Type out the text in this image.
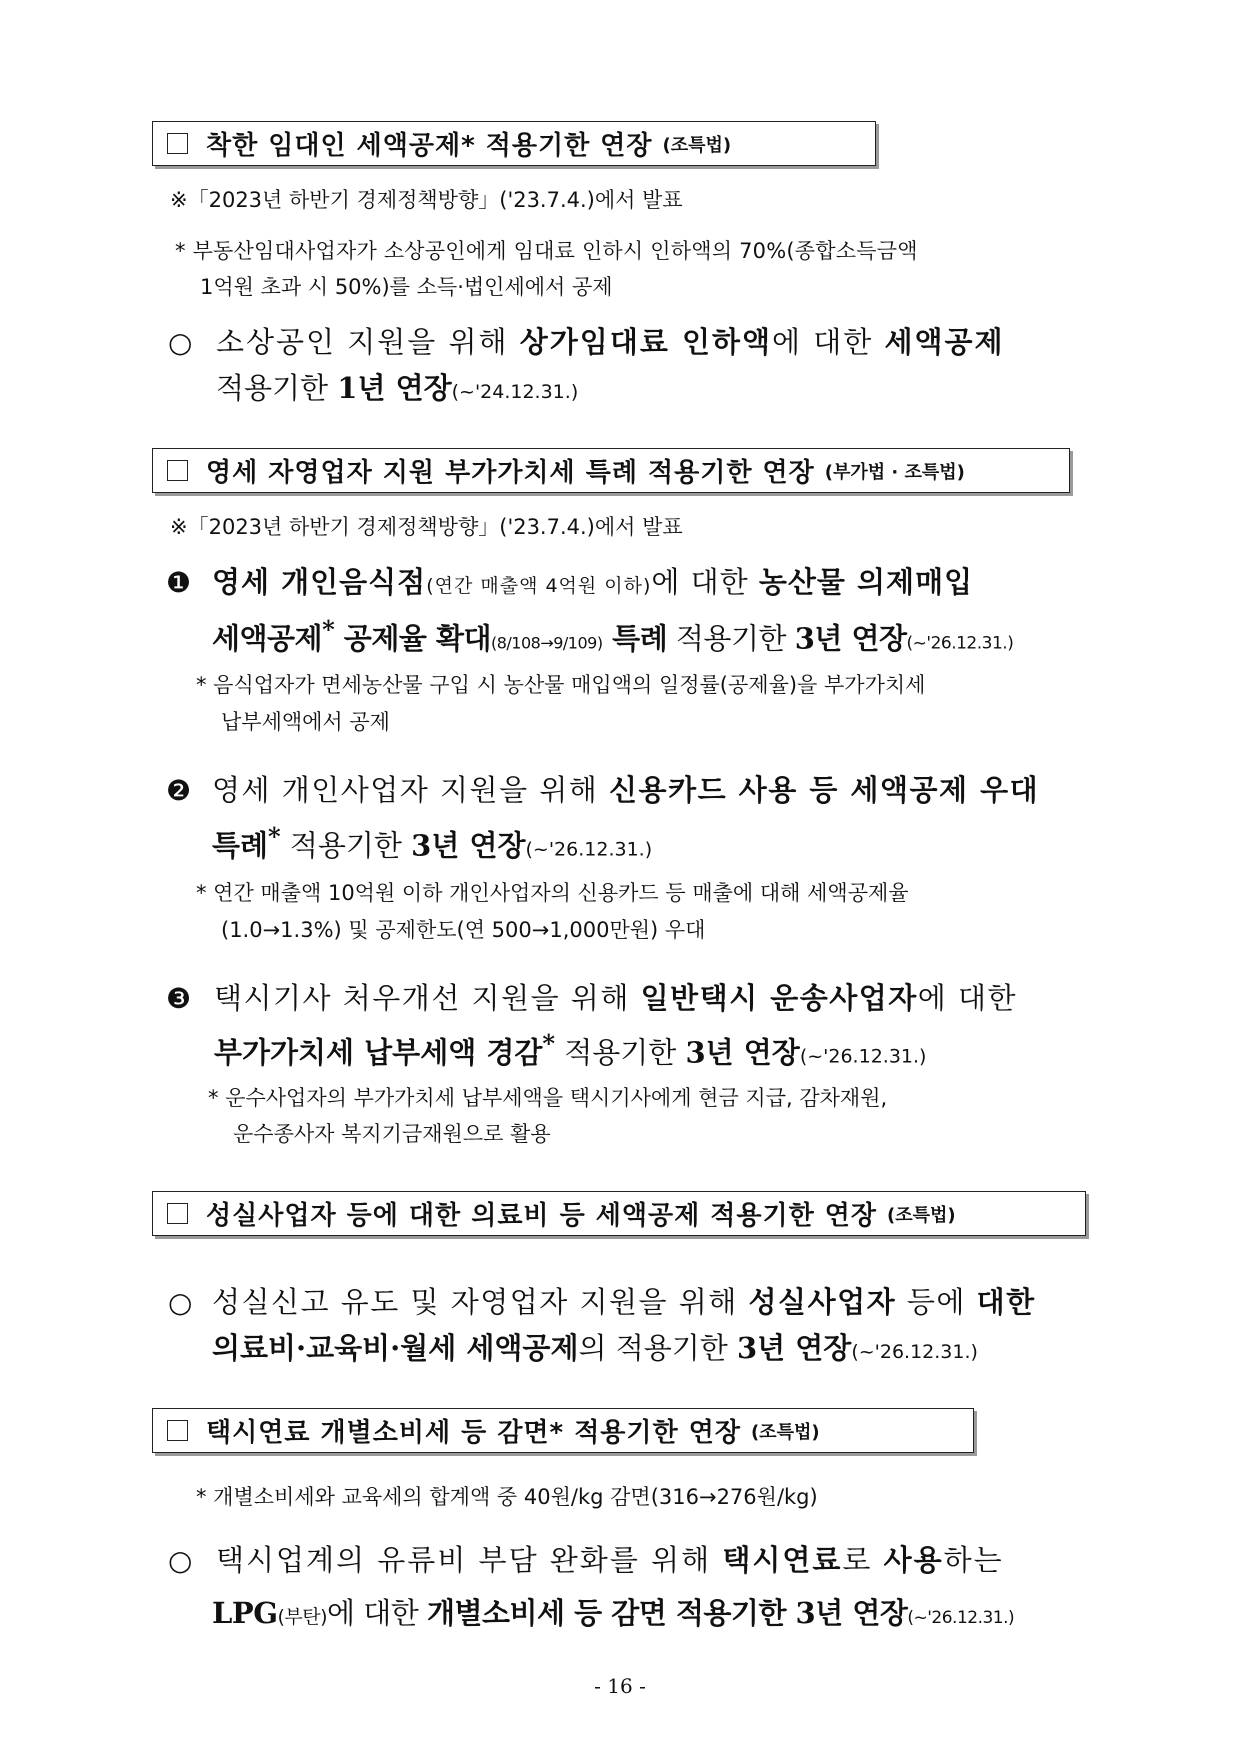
착한 임대인 세액공제* 적용기한 연장 (조특법)
※「2023년 하반기 경제정책방향」('23.7.4.)에서 발표
* 부동산임대사업자가 소상공인에게 임대료 인하시 인하액의 70%(종합소득금액
1억원 초과 시 50%)를 소득·법인세에서 공제
○ 소상공인 지원을 위해 상가임대료 인하액에 대한 세액공제
적용기한 1년 연장(~'24.12.31.)
영세 자영업자 지원 부가가치세 특례 적용기한 연장 (부가법 · 조특법)
※「2023년 하반기 경제정책방향」('23.7.4.)에서 발표
❶ 영세 개인음식점(연간 매출액 4억원 이하)에 대한 농산물 의제매입
세액공제* 공제율 확대(8/108→9/109) 특례 적용기한 3년 연장(~'26.12.31.)
* 음식업자가 면세농산물 구입 시 농산물 매입액의 일정률(공제율)을 부가가치세
납부세액에서 공제
❷ 영세 개인사업자 지원을 위해 신용카드 사용 등 세액공제 우대
특례* 적용기한 3년 연장(~'26.12.31.)
* 연간 매출액 10억원 이하 개인사업자의 신용카드 등 매출에 대해 세액공제율
(1.0→1.3%) 및 공제한도(연 500→1,000만원) 우대
❸ 택시기사 처우개선 지원을 위해 일반택시 운송사업자에 대한
부가가치세 납부세액 경감* 적용기한 3년 연장(~'26.12.31.)
* 운수사업자의 부가가치세 납부세액을 택시기사에게 현금 지급, 감차재원,
운수종사자 복지기금재원으로 활용
성실사업자 등에 대한 의료비 등 세액공제 적용기한 연장 (조특법)
○ 성실신고 유도 및 자영업자 지원을 위해 성실사업자 등에 대한
의료비·교육비·월세 세액공제의 적용기한 3년 연장(~'26.12.31.)
택시연료 개별소비세 등 감면* 적용기한 연장 (조특법)
* 개별소비세와 교육세의 합계액 중 40원/kg 감면(316→276원/kg)
○ 택시업계의 유류비 부담 완화를 위해 택시연료로 사용하는
LPG(부탄)에 대한 개별소비세 등 감면 적용기한 3년 연장(~'26.12.31.)
- 16 -
